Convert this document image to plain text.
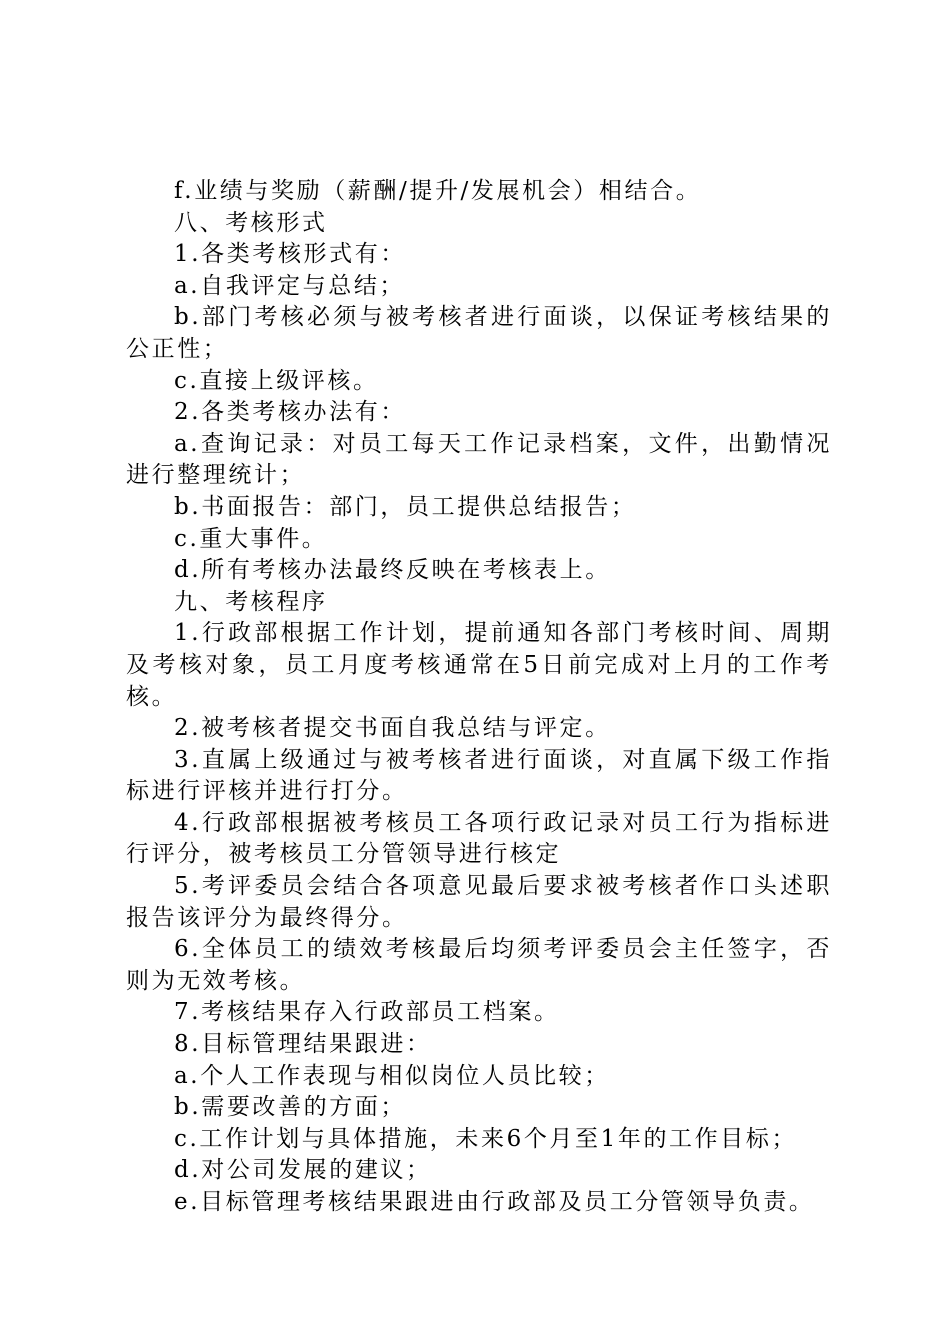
f.业绩与奖励（薪酬/提升/发展机会）相结合。

八、考核形式

1.各类考核形式有：

a.自我评定与总结；

b.部门考核必须与被考核者进行面谈，以保证考核结果的公正性；

c.直接上级评核。

2.各类考核办法有：

a.查询记录：对员工每天工作记录档案，文件，出勤情况进行整理统计；

b.书面报告：部门，员工提供总结报告；

c.重大事件。

d.所有考核办法最终反映在考核表上。

九、考核程序

1.行政部根据工作计划，提前通知各部门考核时间、周期及考核对象，员工月度考核通常在5日前完成对上月的工作考核。

2.被考核者提交书面自我总结与评定。

3.直属上级通过与被考核者进行面谈，对直属下级工作指标进行评核并进行打分。

4.行政部根据被考核员工各项行政记录对员工行为指标进行评分，被考核员工分管领导进行核定

5.考评委员会结合各项意见最后要求被考核者作口头述职报告该评分为最终得分。

6.全体员工的绩效考核最后均须考评委员会主任签字，否则为无效考核。

7.考核结果存入行政部员工档案。

8.目标管理结果跟进：

a.个人工作表现与相似岗位人员比较；

b.需要改善的方面；

c.工作计划与具体措施，未来6个月至1年的工作目标；

d.对公司发展的建议；

e.目标管理考核结果跟进由行政部及员工分管领导负责。
